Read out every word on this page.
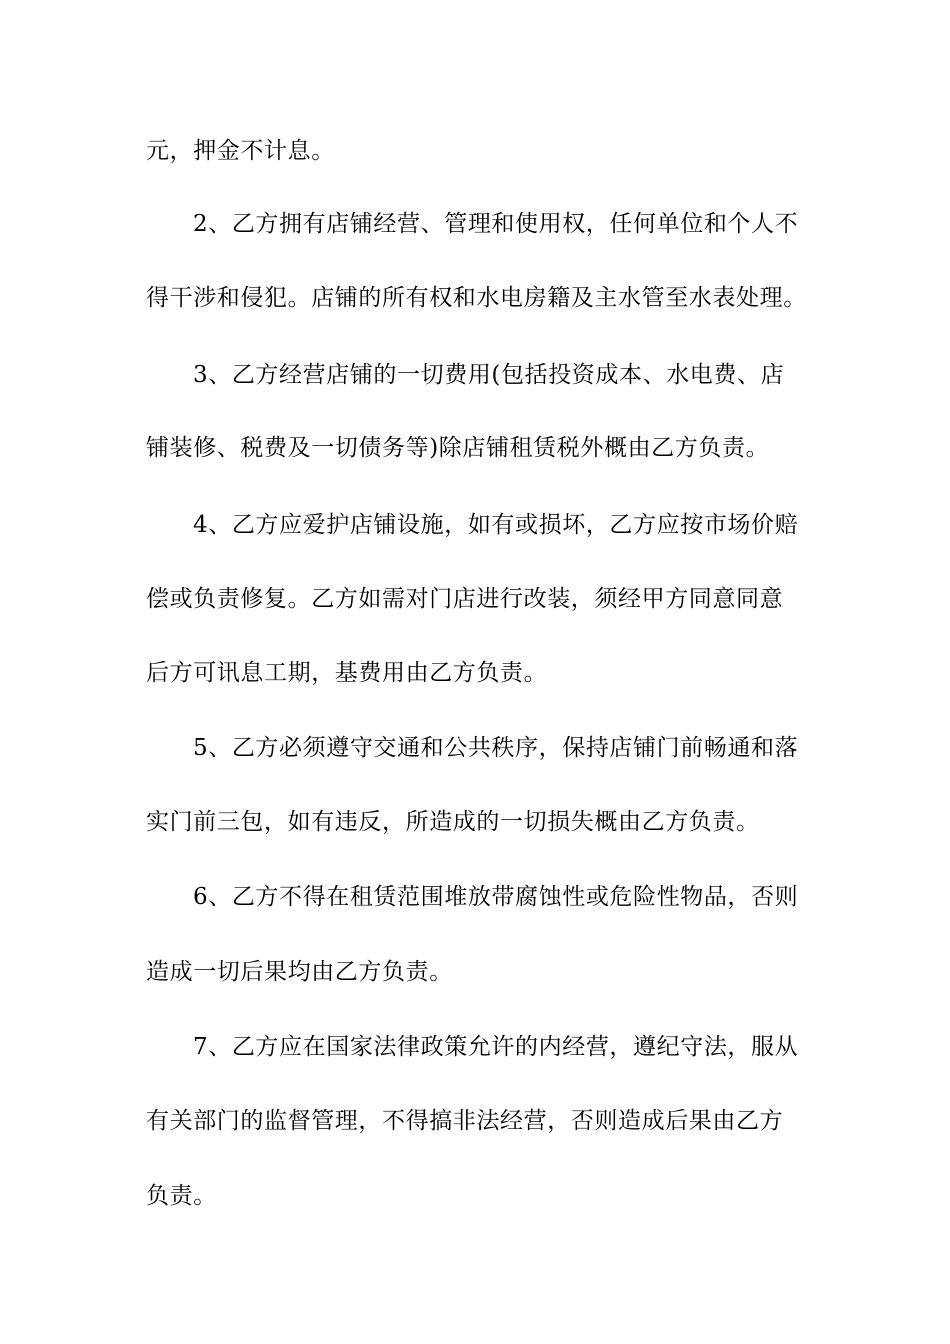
元，押金不计息。
2、乙方拥有店铺经营、管理和使用权，任何单位和个人不
得干涉和侵犯。店铺的所有权和水电房籍及主水管至水表处理。
3、乙方经营店铺的一切费用(包括投资成本、水电费、店
铺装修、税费及一切债务等)除店铺租赁税外概由乙方负责。
4、乙方应爱护店铺设施，如有或损坏，乙方应按市场价赔
偿或负责修复。乙方如需对门店进行改装，须经甲方同意同意
后方可讯息工期，基费用由乙方负责。
5、乙方必须遵守交通和公共秩序，保持店铺门前畅通和落
实门前三包，如有违反，所造成的一切损失概由乙方负责。
6、乙方不得在租赁范围堆放带腐蚀性或危险性物品，否则
造成一切后果均由乙方负责。
7、乙方应在国家法律政策允许的内经营，遵纪守法，服从
有关部门的监督管理，不得搞非法经营，否则造成后果由乙方
负责。
